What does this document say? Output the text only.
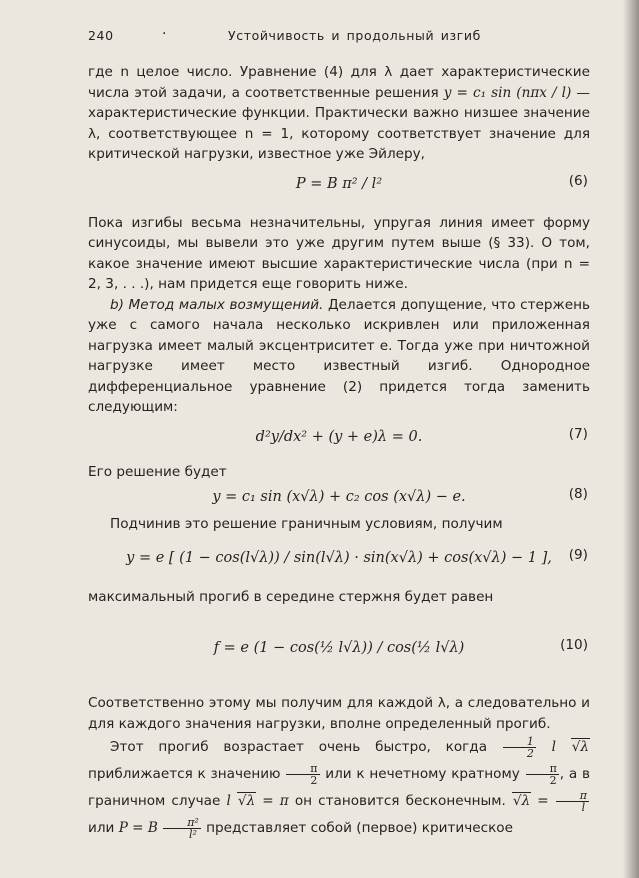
240	·	Устойчивость и продольный изгиб

где n целое число. Уравнение (4) для λ дает характеристические числа этой задачи, а соответственные решения y = c₁ sin (nπx / l) — характеристические функции. Практически важно низшее значение λ, соответствующее n = 1, которому соответствует значение для критической нагрузки, известное уже Эйлеру,

P = B π² / l²	(6)

Пока изгибы весьма незначительны, упругая линия имеет форму синусоиды, мы вывели это уже другим путем выше (§ 33). О том, какое значение имеют высшие характеристические числа (при n = 2, 3, . . .), нам придется еще говорить ниже.

b) Метод малых возмущений. Делается допущение, что стержень уже с самого начала несколько искривлен или приложенная нагрузка имеет малый эксцентриситет e. Тогда уже при ничтожной нагрузке имеет место известный изгиб. Однородное дифференциальное уравнение (2) придется тогда заменить следующим:

d²y/dx² + (y + e)λ = 0.	(7)

Его решение будет

y = c₁ sin (x√λ) + c₂ cos (x√λ) − e.	(8)

Подчинив это решение граничным условиям, получим

y = e [ (1 − cos(l√λ)) / sin(l√λ) · sin(x√λ) + cos(x√λ) − 1 ],	(9)

максимальный прогиб в середине стержня будет равен

f = e (1 − cos(½ l√λ)) / cos(½ l√λ)	(10)

Соответственно этому мы получим для каждой λ, а следовательно и для каждого значения нагрузки, вполне определенный прогиб.

Этот прогиб возрастает очень быстро, когда $\frac{1}{2}$ l √λ приближается к значению $\frac{\pi}{2}$ или к нечетному кратному $\frac{\pi}{2}$ , а в граничном случае l √λ = π он становится бесконечным. $√\lambda = \frac{\pi}{l}$
или P = B $\frac{\text{π²}}{\text{l²}}$ представляет собой (первое) критическое
